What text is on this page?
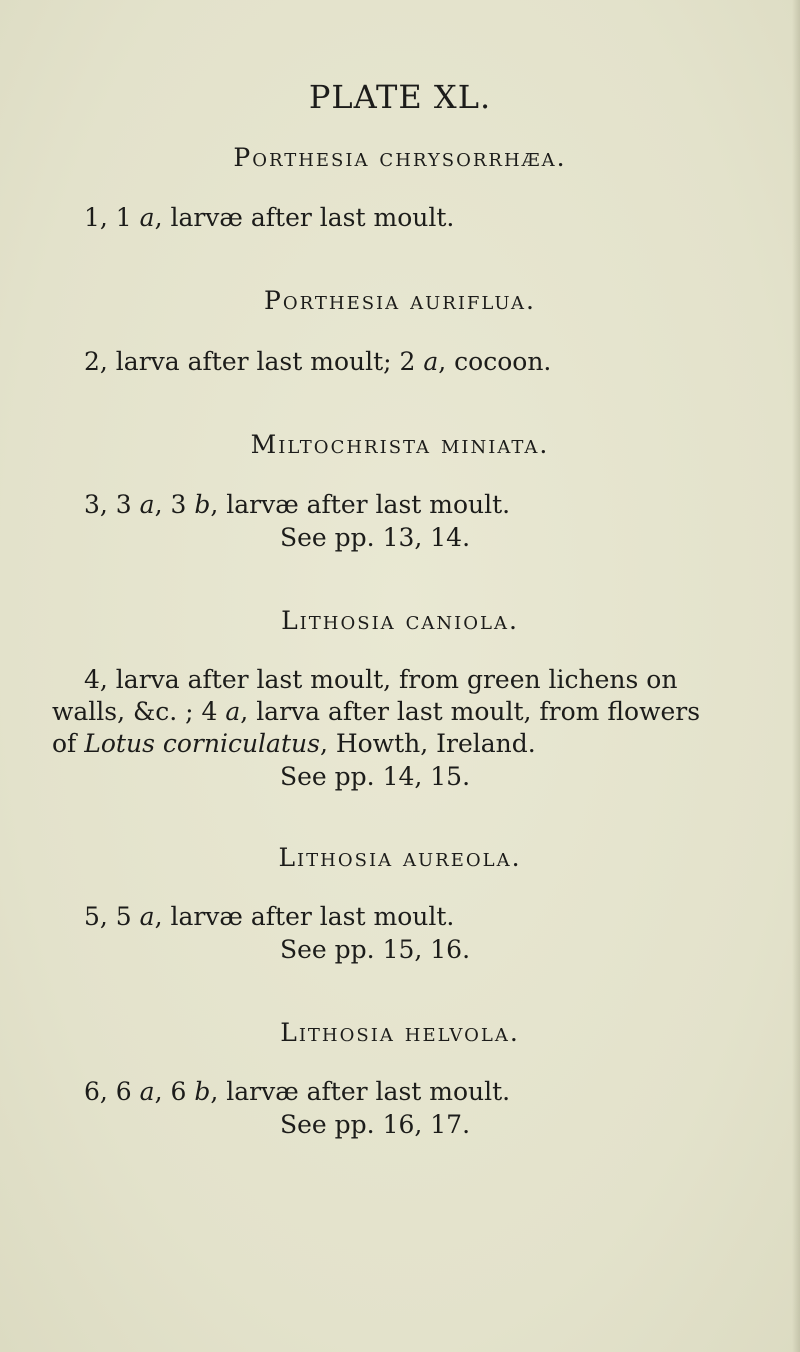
PLATE XL.
Porthesia chrysorrhæa.
1, 1 a, larvæ after last moult.
Porthesia auriflua.
2, larva after last moult; 2 a, cocoon.
Miltochrista miniata.
3, 3 a, 3 b, larvæ after last moult.
See pp. 13, 14.
Lithosia caniola.
4, larva after last moult, from green lichens on
walls, &c. ; 4 a, larva after last moult, from flowers
of Lotus corniculatus, Howth, Ireland.
See pp. 14, 15.
Lithosia aureola.
5, 5 a, larvæ after last moult.
See pp. 15, 16.
Lithosia helvola.
6, 6 a, 6 b, larvæ after last moult.
See pp. 16, 17.
